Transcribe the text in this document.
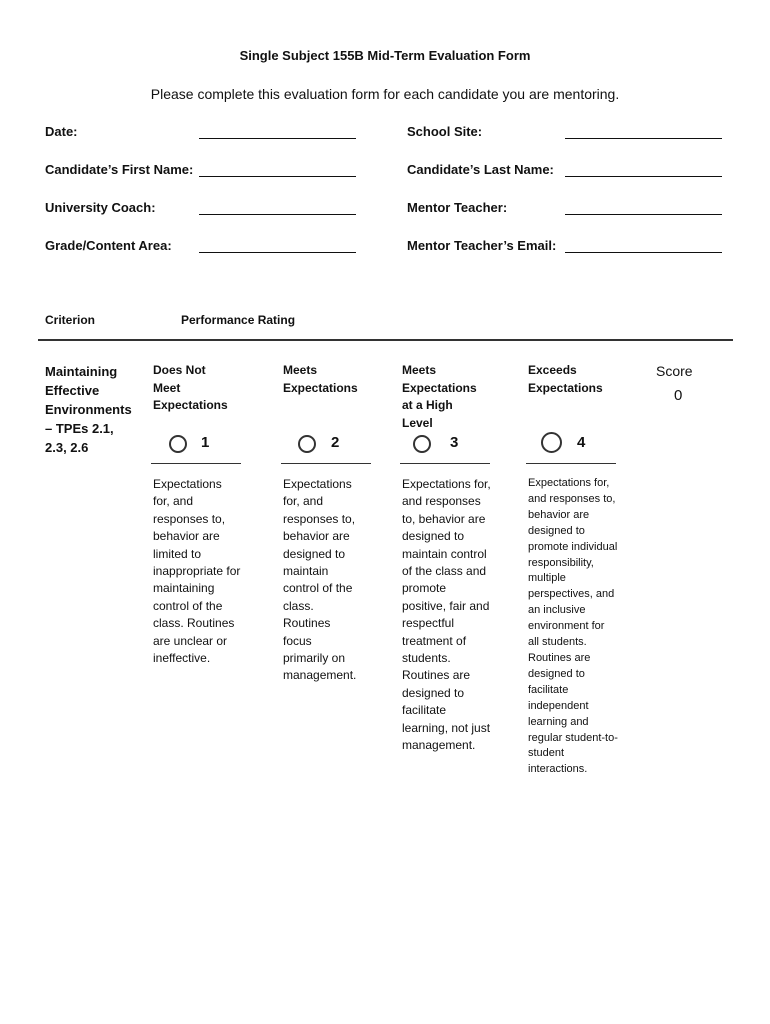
Single Subject 155B Mid-Term Evaluation Form
Please complete this evaluation form for each candidate you are mentoring.
Date:
Candidate’s First Name:
University Coach:
Grade/Content Area:
School Site:
Candidate’s Last Name:
Mentor Teacher:
Mentor Teacher’s Email:
Criterion	Performance Rating
Maintaining Effective Environments – TPEs 2.1, 2.3, 2.6
Does Not Meet Expectations
1
Expectations for, and responses to, behavior are limited to inappropriate for maintaining control of the class. Routines are unclear or ineffective.
Meets Expectations
2
Expectations for, and responses to, behavior are designed to maintain control of the class. Routines focus primarily on management.
Meets Expectations at a High Level
3
Expectations for, and responses to, behavior are designed to maintain control of the class and promote positive, fair and respectful treatment of students. Routines are designed to facilitate learning, not just management.
Exceeds Expectations
4
Expectations for, and responses to, behavior are designed to promote individual responsibility, multiple perspectives, and an inclusive environment for all students. Routines are designed to facilitate independent learning and regular student-to-student interactions.
Score
0
